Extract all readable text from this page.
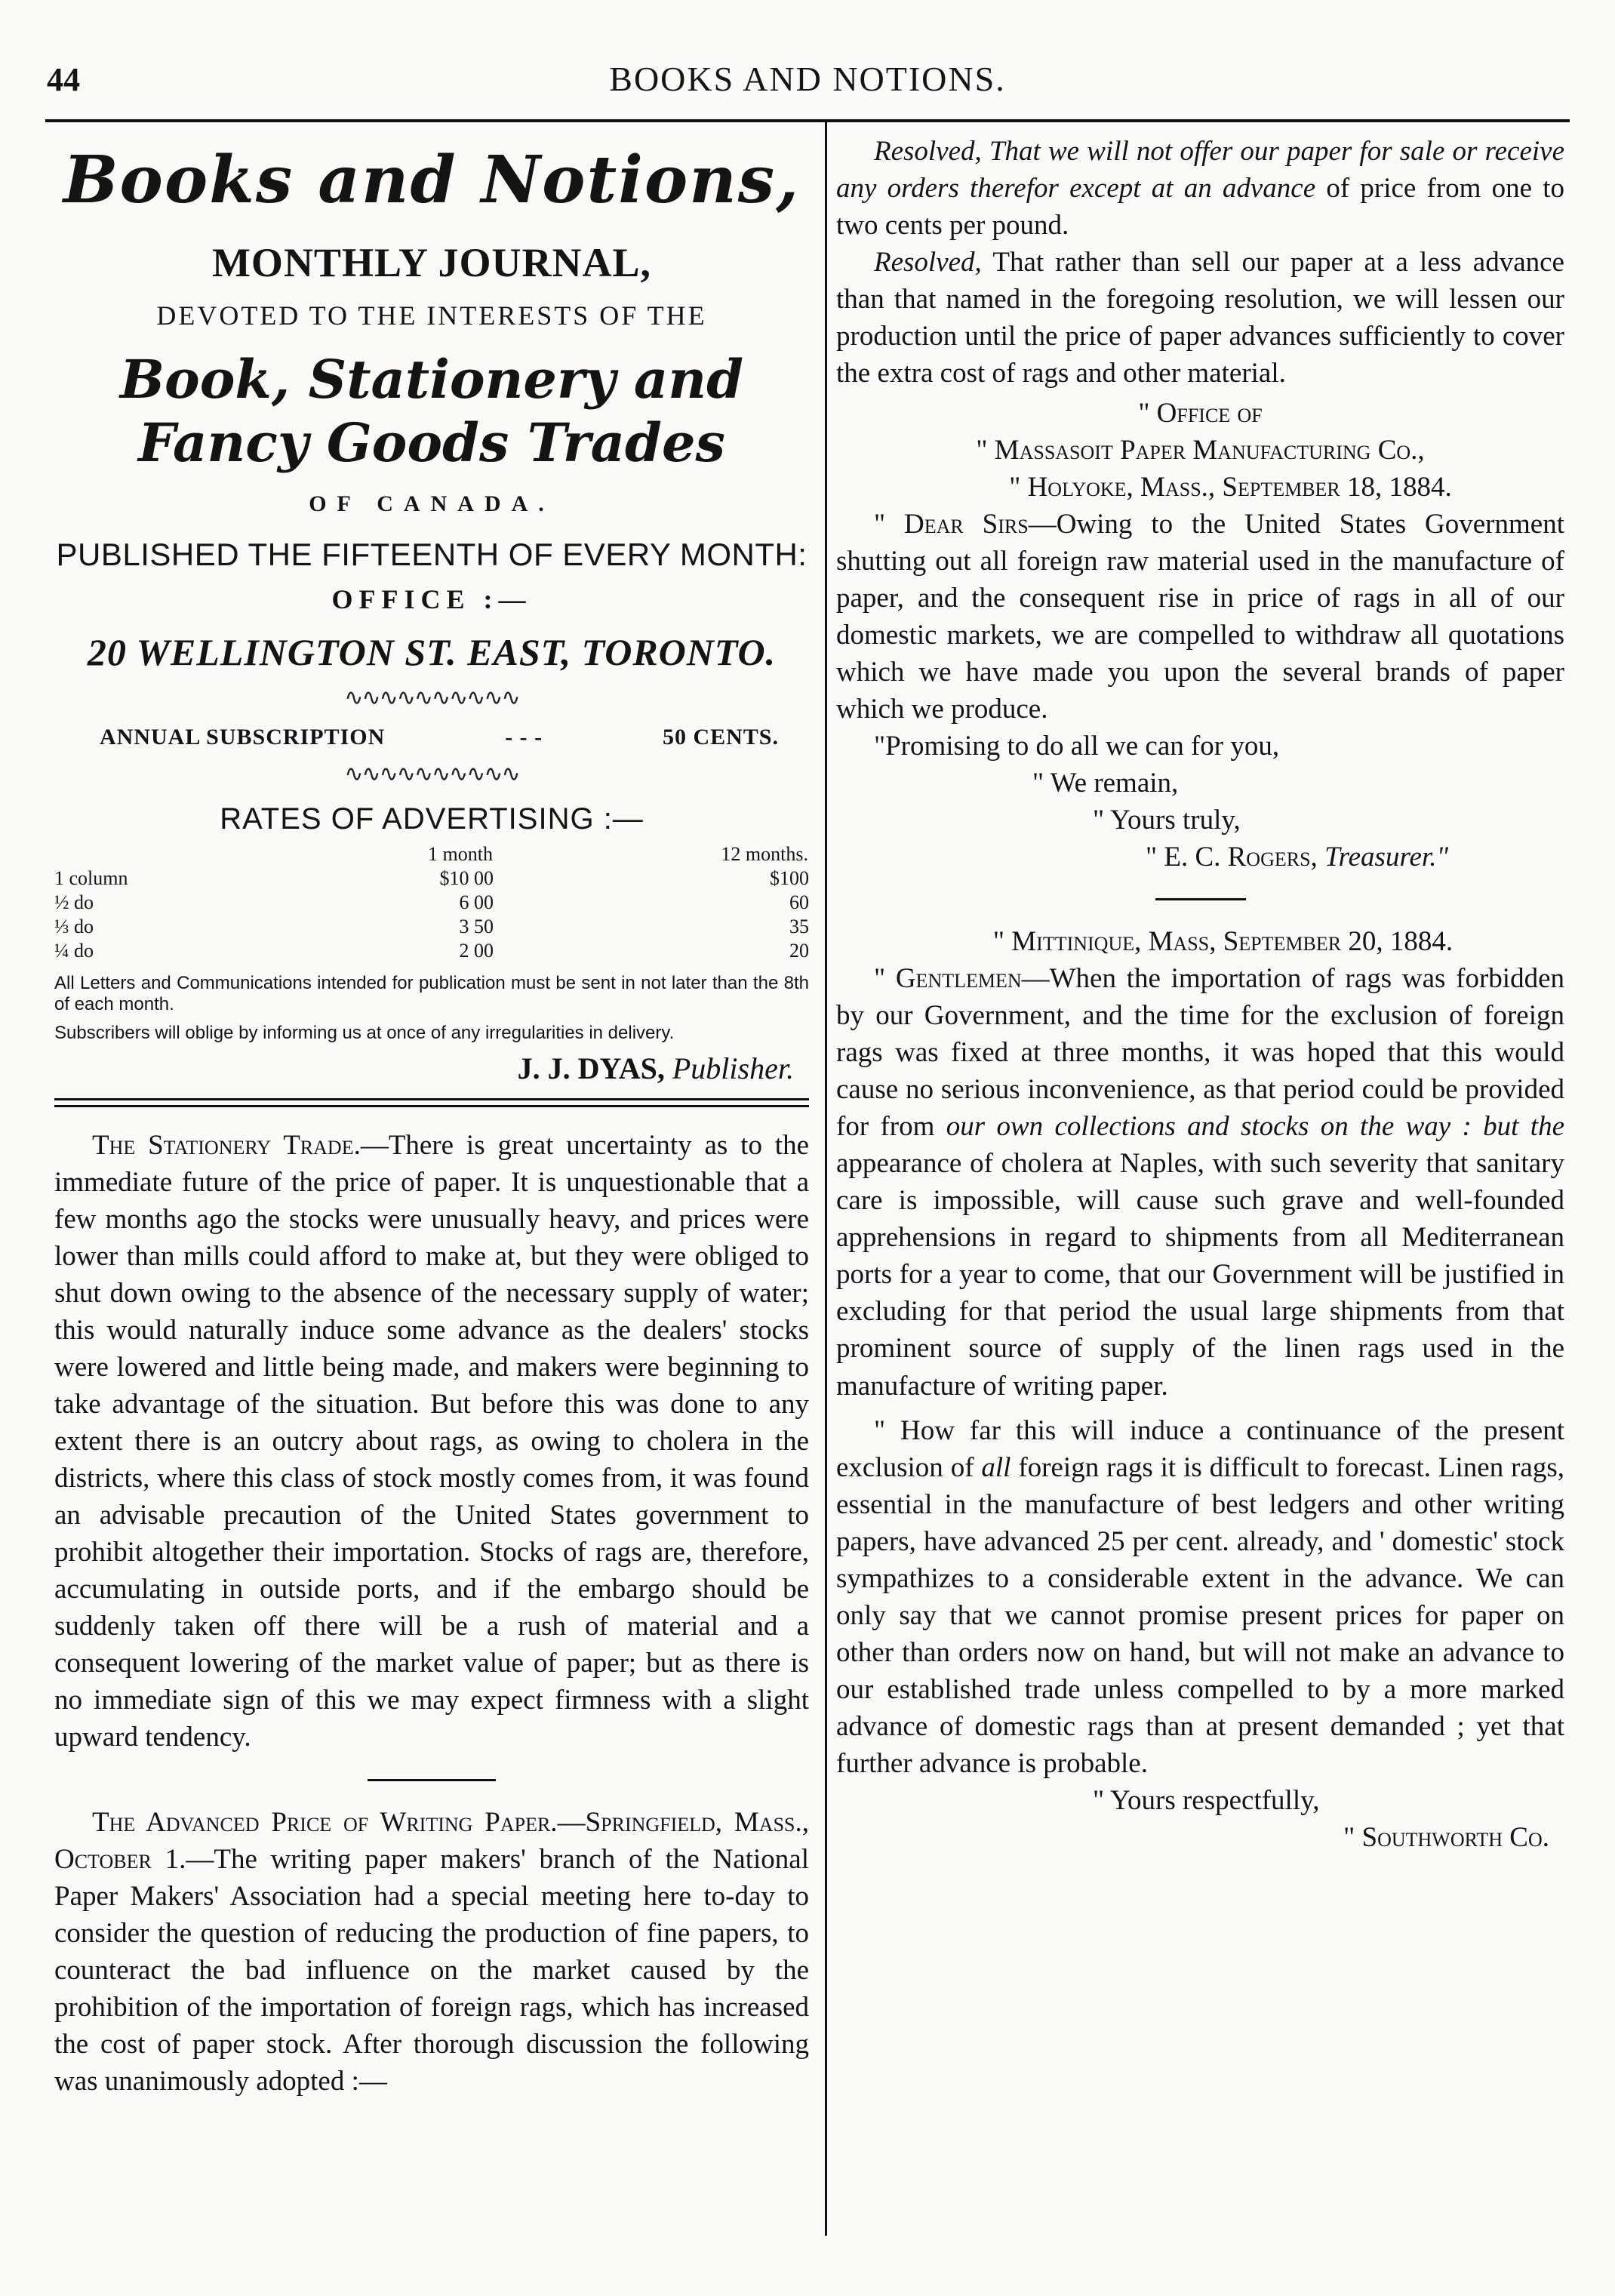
44	BOOKS AND NOTIONS.
Books and Notions,
MONTHLY JOURNAL,
DEVOTED TO THE INTERESTS OF THE
Book, Stationery and Fancy Goods Trades
OF CANADA.
PUBLISHED THE FIFTEENTH OF EVERY MONTH:
OFFICE :—
20 WELLINGTON ST. EAST, TORONTO.
∿∿∿∿∿∿∿∿∿∿
ANNUAL SUBSCRIPTION	- - -	50 CENTS.
∿∿∿∿∿∿∿∿∿∿
RATES OF ADVERTISING :—
	1 month	12 months.
1 column	$10 00	$100
½ do	6 00	60
⅓ do	3 50	35
¼ do	2 00	20

All Letters and Communications intended for publication must be sent in not later than the 8th of each month.

Subscribers will oblige by informing us at once of any irregularities in delivery.

J. J. DYAS, Publisher.

The Stationery Trade.—There is great uncertainty as to the immediate future of the price of paper. It is unquestionable that a few months ago the stocks were unusually heavy, and prices were lower than mills could afford to make at, but they were obliged to shut down owing to the absence of the necessary supply of water; this would naturally induce some advance as the dealers' stocks were lowered and little being made, and makers were beginning to take advantage of the situation. But before this was done to any extent there is an outcry about rags, as owing to cholera in the districts, where this class of stock mostly comes from, it was found an advisable precaution of the United States government to prohibit altogether their importation. Stocks of rags are, therefore, accumulating in outside ports, and if the embargo should be suddenly taken off there will be a rush of material and a consequent lowering of the market value of paper; but as there is no immediate sign of this we may expect firmness with a slight upward tendency.

The Advanced Price of Writing Paper.—Springfield, Mass., October 1.—The writing paper makers' branch of the National Paper Makers' Association had a special meeting here to-day to consider the question of reducing the production of fine papers, to counteract the bad influence on the market caused by the prohibition of the importation of foreign rags, which has increased the cost of paper stock. After thorough discussion the following was unanimously adopted :—

Resolved, That we will not offer our paper for sale or receive any orders therefor except at an advance of price from one to two cents per pound.

Resolved, That rather than sell our paper at a less advance than that named in the foregoing resolution, we will lessen our production until the price of paper advances sufficiently to cover the extra cost of rags and other material.

" Office of
" Massasoit Paper Manufacturing Co.,
" Holyoke, Mass., September 18, 1884.

" Dear Sirs—Owing to the United States Government shutting out all foreign raw material used in the manufacture of paper, and the consequent rise in price of rags in all of our domestic markets, we are compelled to withdraw all quotations which we have made you upon the several brands of paper which we produce.

"Promising to do all we can for you,

" We remain,
" Yours truly,
" E. C. Rogers, Treasurer."
" Mittinique, Mass, September 20, 1884.

" Gentlemen—When the importation of rags was forbidden by our Government, and the time for the exclusion of foreign rags was fixed at three months, it was hoped that this would cause no serious inconvenience, as that period could be provided for from our own collections and stocks on the way : but the appearance of cholera at Naples, with such severity that sanitary care is impossible, will cause such grave and well-founded apprehensions in regard to shipments from all Mediterranean ports for a year to come, that our Government will be justified in excluding for that period the usual large shipments from that prominent source of supply of the linen rags used in the manufacture of writing paper.

" How far this will induce a continuance of the present exclusion of all foreign rags it is difficult to forecast. Linen rags, essential in the manufacture of best ledgers and other writing papers, have advanced 25 per cent. already, and ' domestic' stock sympathizes to a considerable extent in the advance. We can only say that we cannot promise present prices for paper on other than orders now on hand, but will not make an advance to our established trade unless compelled to by a more marked advance of domestic rags than at present demanded ; yet that further advance is probable.

" Yours respectfully,
" Southworth Co.
